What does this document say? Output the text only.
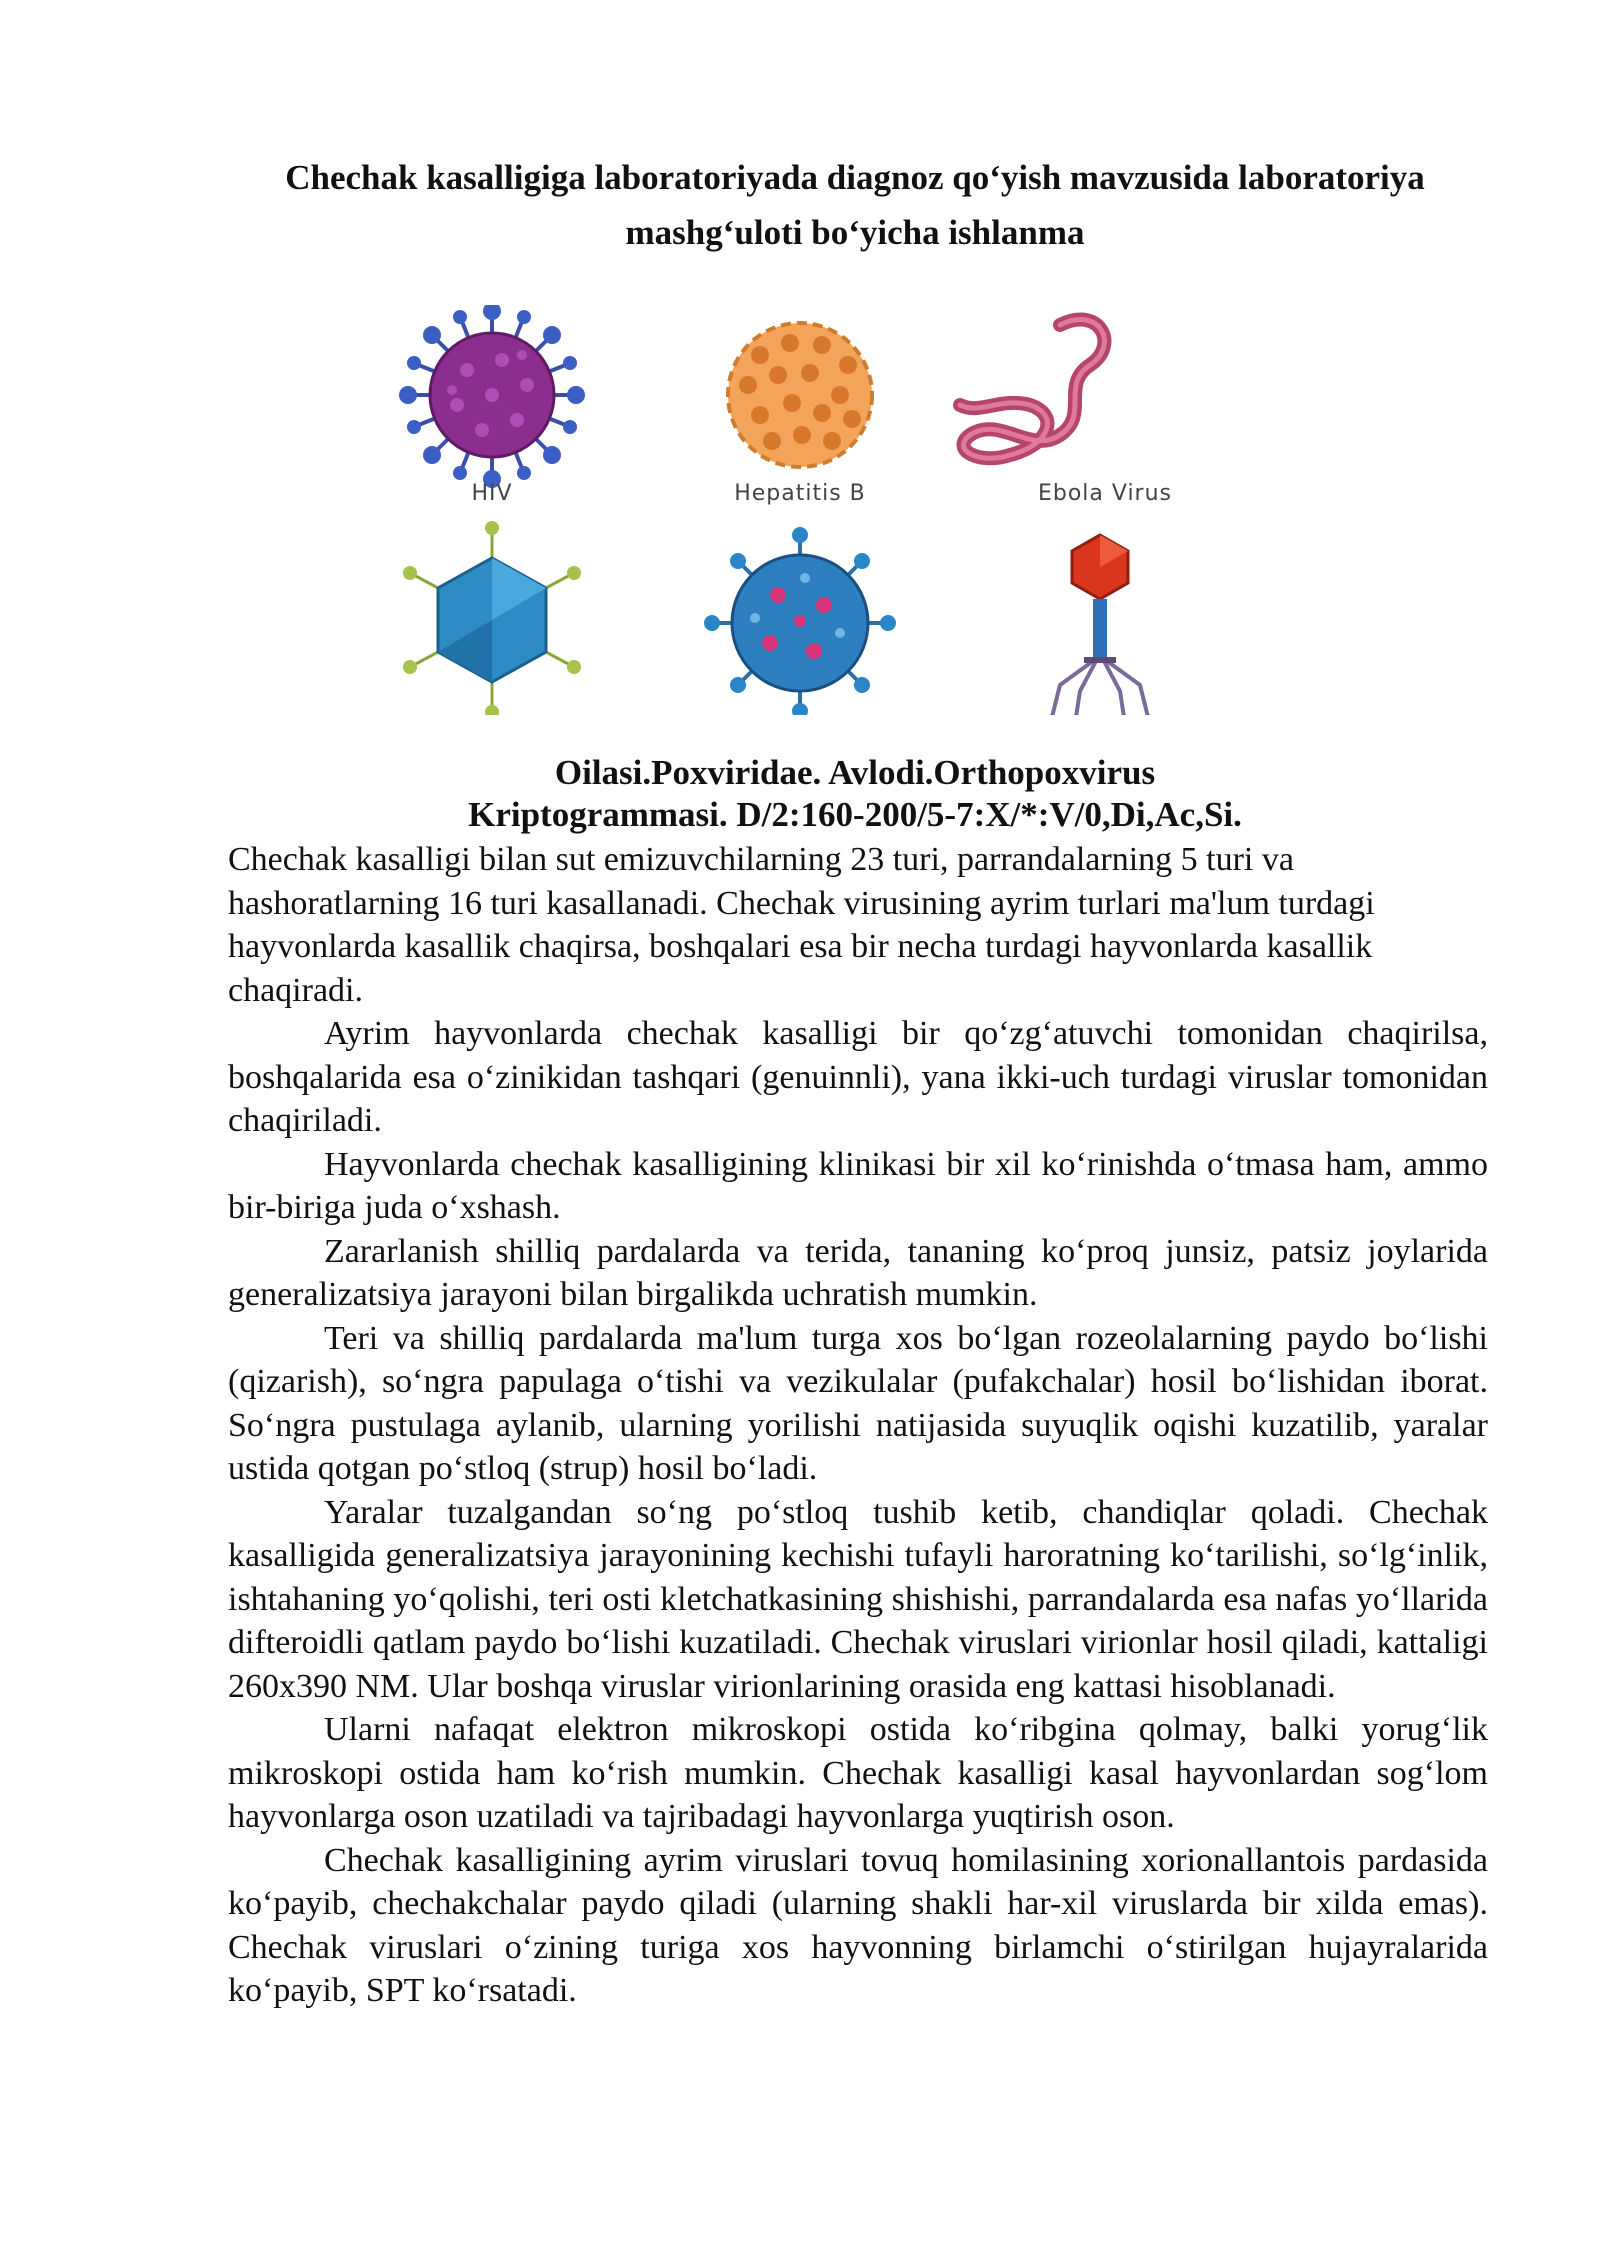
Chechak kasalligiga laboratoriyada diagnoz qo‘yish mavzusida laboratoriya
mashg‘uloti bo‘yicha ishlanma
HIV	Hepatitis B	Ebola Virus
Oilasi.Poxviridae. Avlodi.Orthopoxvirus
Kriptogrammasi. D/2:160-200/5-7:X/*:V/0,Di,Ac,Si.

Chechak kasalligi bilan sut emizuvchilarning 23 turi, parrandalarning 5 turi va hashoratlarning 16 turi kasallanadi. Chechak virusining ayrim turlari ma'lum turdagi hayvonlarda kasallik chaqirsa, boshqalari esa bir necha turdagi hayvonlarda kasallik chaqiradi.

Ayrim hayvonlarda chechak kasalligi bir qo‘zg‘atuvchi tomonidan chaqirilsa, boshqalarida esa o‘zinikidan tashqari (genuinnli), yana ikki-uch turdagi viruslar tomonidan chaqiriladi.

Hayvonlarda chechak kasalligining klinikasi bir xil ko‘rinishda o‘tmasa ham, ammo bir-biriga juda o‘xshash.

Zararlanish shilliq pardalarda va terida, tananing ko‘proq junsiz, patsiz joylarida generalizatsiya jarayoni bilan birgalikda uchratish mumkin.

Teri va shilliq pardalarda ma'lum turga xos bo‘lgan rozeolalarning paydo bo‘lishi (qizarish), so‘ngra papulaga o‘tishi va vezikulalar (pufakchalar) hosil bo‘lishidan iborat. So‘ngra pustulaga aylanib, ularning yorilishi natijasida suyuqlik oqishi kuzatilib, yaralar ustida qotgan po‘stloq (strup) hosil bo‘ladi.

Yaralar tuzalgandan so‘ng po‘stloq tushib ketib, chandiqlar qoladi. Chechak kasalligida generalizatsiya jarayonining kechishi tufayli haroratning ko‘tarilishi, so‘lg‘inlik, ishtahaning yo‘qolishi, teri osti kletchatkasining shishishi, parrandalarda esa nafas yo‘llarida difteroidli qatlam paydo bo‘lishi kuzatiladi. Chechak viruslari virionlar hosil qiladi, kattaligi 260x390 NM. Ular boshqa viruslar virionlarining orasida eng kattasi hisoblanadi.

Ularni nafaqat elektron mikroskopi ostida ko‘ribgina qolmay, balki yorug‘lik mikroskopi ostida ham ko‘rish mumkin. Chechak kasalligi kasal hayvonlardan sog‘lom hayvonlarga oson uzatiladi va tajribadagi hayvonlarga yuqtirish oson.

Chechak kasalligining ayrim viruslari tovuq homilasining xorionallantois pardasida ko‘payib, chechakchalar paydo qiladi (ularning shakli har-xil viruslarda bir xilda emas). Chechak viruslari o‘zining turiga xos hayvonning birlamchi o‘stirilgan hujayralarida ko‘payib, SPT ko‘rsatadi.
